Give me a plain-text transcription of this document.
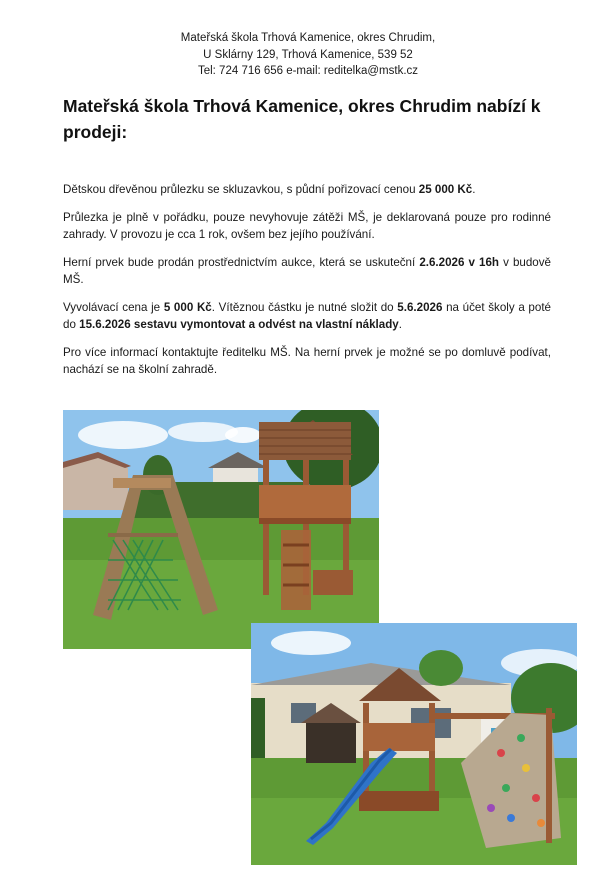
Mateřská škola Trhová Kamenice, okres Chrudim,
U Sklárny 129, Trhová Kamenice, 539 52
Tel: 724 716 656 e-mail: reditelka@mstk.cz
Mateřská škola Trhová Kamenice, okres Chrudim nabízí k prodeji:

Dětskou dřevěnou průlezku se skluzavkou, s půdní pořizovací cenou 25 000 Kč.

Průlezka je plně v pořádku, pouze nevyhovuje zátěži MŠ, je deklarovaná pouze pro rodinné zahrady. V provozu je cca 1 rok, ovšem bez jejího používání.

Herní prvek bude prodán prostřednictvím aukce, která se uskuteční 2.6.2026 v 16h v budově MŠ.

Vyvolávací cena je 5 000 Kč. Vítěznou částku je nutné složit do 5.6.2026 na účet školy a poté do 15.6.2026 sestavu vymontovat a odvést na vlastní náklady.

Pro více informací kontaktujte ředitelku MŠ. Na herní prvek je možné se po domluvě podívat, nachází se na školní zahradě.
